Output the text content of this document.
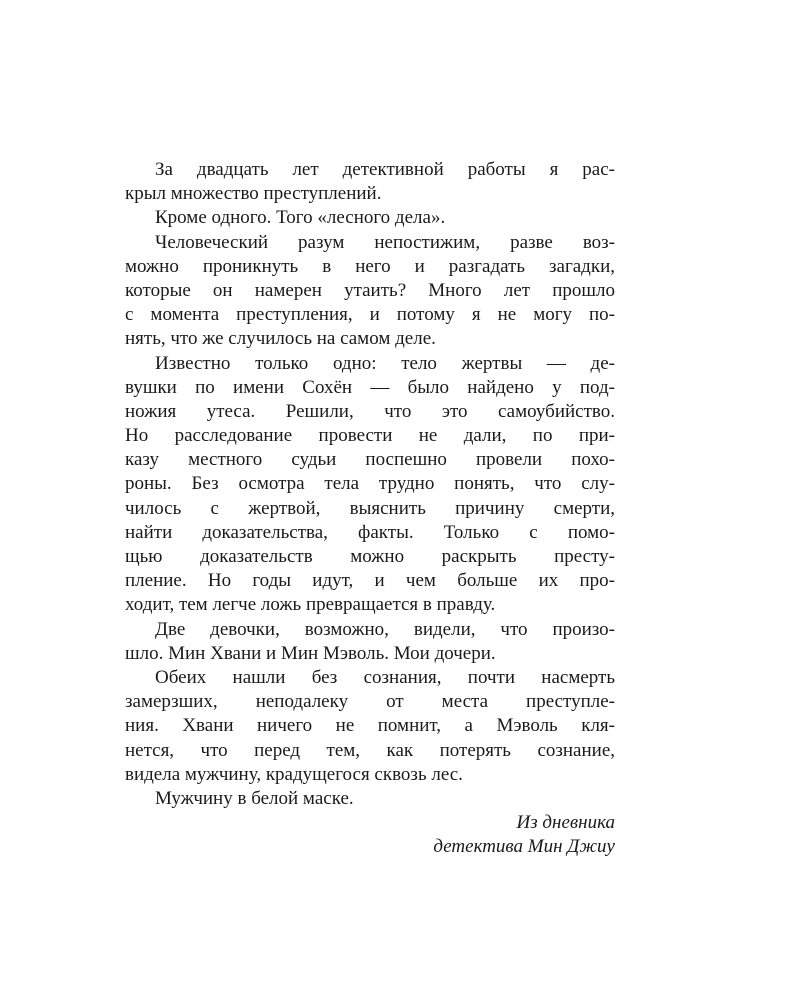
За двадцать лет детективной работы я рас-
крыл множество преступлений.
Кроме одного. Того «лесного дела».
Человеческий разум непостижим, разве воз-
можно проникнуть в него и разгадать загадки,
которые он намерен утаить? Много лет прошло
с момента преступления, и потому я не могу по-
нять, что же случилось на самом деле.
Известно только одно: тело жертвы — де-
вушки по имени Сохён — было найдено у под-
ножия утеса. Решили, что это самоубийство.
Но расследование провести не дали, по при-
казу местного судьи поспешно провели похо-
роны. Без осмотра тела трудно понять, что слу-
чилось с жертвой, выяснить причину смерти,
найти доказательства, факты. Только с помо-
щью доказательств можно раскрыть престу-
пление. Но годы идут, и чем больше их про-
ходит, тем легче ложь превращается в правду.
Две девочки, возможно, видели, что произо-
шло. Мин Хвани и Мин Мэволь. Мои дочери.
Обеих нашли без сознания, почти насмерть
замерзших, неподалеку от места преступле-
ния. Хвани ничего не помнит, а Мэволь кля-
нется, что перед тем, как потерять сознание,
видела мужчину, крадущегося сквозь лес.
Мужчину в белой маске.
Из дневника
детектива Мин Джиу
